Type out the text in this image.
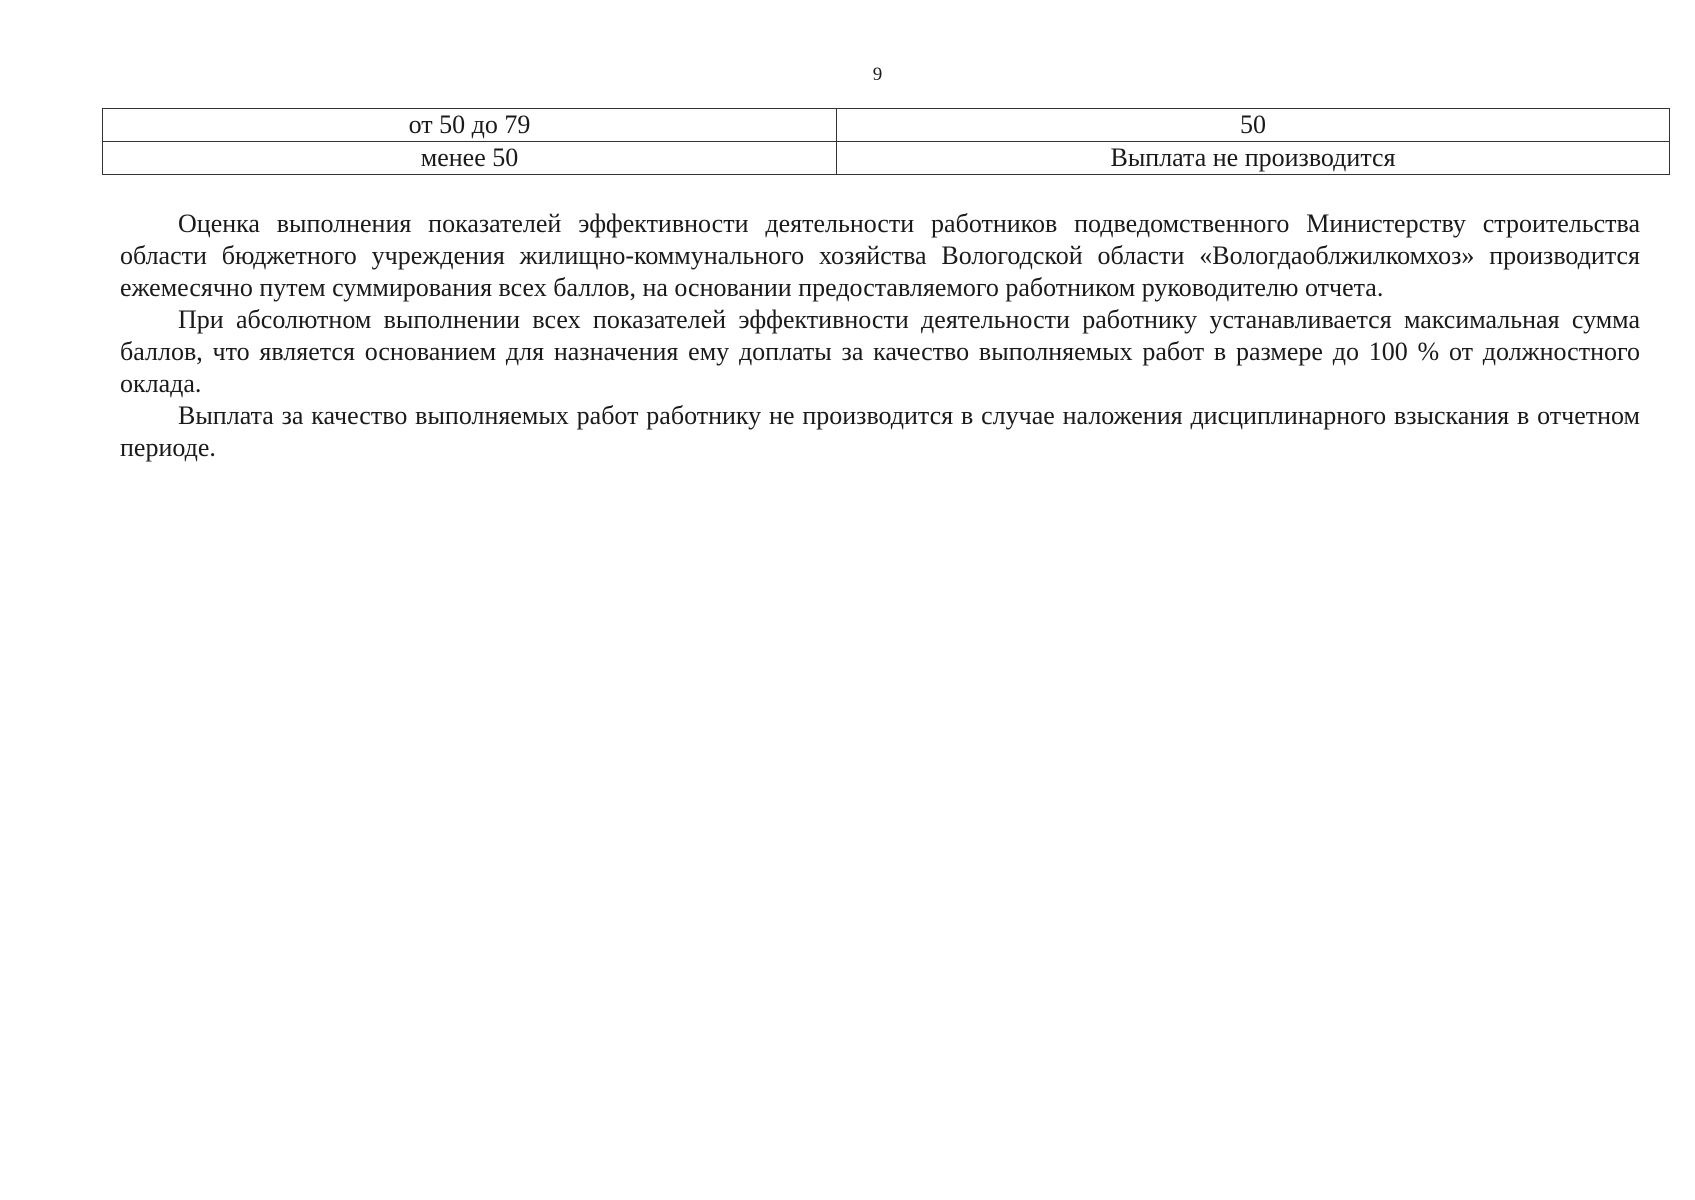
9
от 50 до 79	50
менее 50	Выплата не производится

Оценка выполнения показателей эффективности деятельности работников подведомственного Министерству строительства области бюджетного учреждения жилищно-коммунального хозяйства Вологодской области «Вологдаоблжилкомхоз» производится ежемесячно путем суммирования всех баллов, на основании предоставляемого работником руководителю отчета.

При абсолютном выполнении всех показателей эффективности деятельности работнику устанавливается максимальная сумма баллов, что является основанием для назначения ему доплаты за качество выполняемых работ в размере до 100 % от должностного оклада.

Выплата за качество выполняемых работ работнику не производится в случае наложения дисциплинарного взыскания в отчетном периоде.
